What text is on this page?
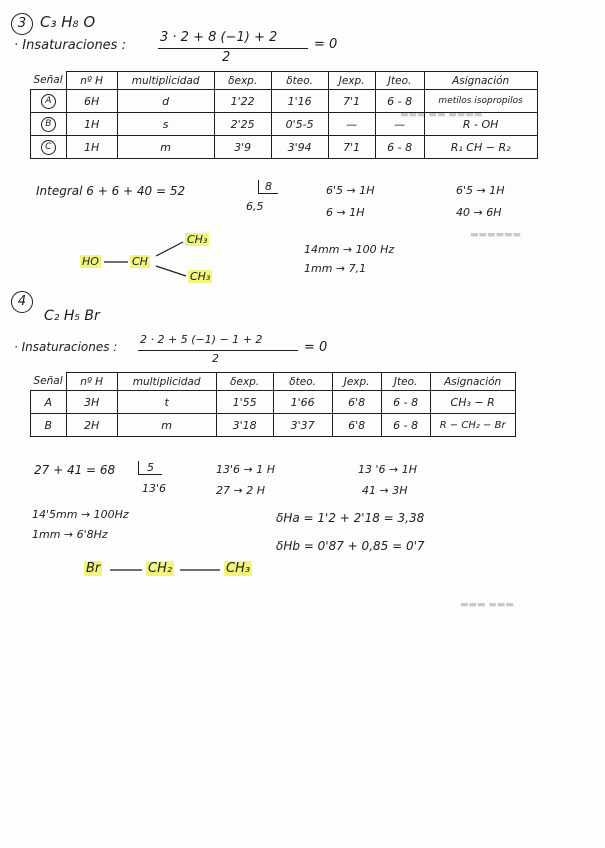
▬▬▬ ▬▬ ▬▬▬▬
▬▬▬▬▬▬
▬▬▬ ▬▬▬
3 C₃ H₈ O
· Insaturaciones :
3 · 2 + 8 (−1) + 2
2
= 0
Señal	nº H	multiplicidad	δexp.	δteo.	Jexp.	Jteo.	Asignación
A	6H	d	1'22	1'16	7'1	6 - 8	metilos isopropilos
B	1H	s	2'25	0'5-5	—	—	R - OH
C	1H	m	3'9	3'94	7'1	6 - 8	R₁ CH − R₂
Integral 6 + 6 + 40 = 52	8
6,5
6'5 → 1H
6 → 1H
6'5 → 1H
40 → 6H
HO	CH
CH₃
CH₃
14mm → 100 Hz
1mm → 7,1
4
C₂ H₅ Br
· Insaturaciones :
2 · 2 + 5 (−1) − 1 + 2
2
= 0
Señal	nº H	multiplicidad	δexp.	δteo.	Jexp.	Jteo.	Asignación
A	3H	t	1'55	1'66	6'8	6 - 8	CH₃ − R
B	2H	m	3'18	3'37	6'8	6 - 8	R − CH₂ − Br
27 + 41 = 68	5
13'6
13'6 → 1 H
27 → 2 H
13 '6 → 1H
41 → 3H
14'5mm → 100Hz
1mm → 6'8Hz
δHa = 1'2 + 2'18 = 3,38
δHb = 0'87 + 0,85 = 0'7
Br	CH₂	CH₃
